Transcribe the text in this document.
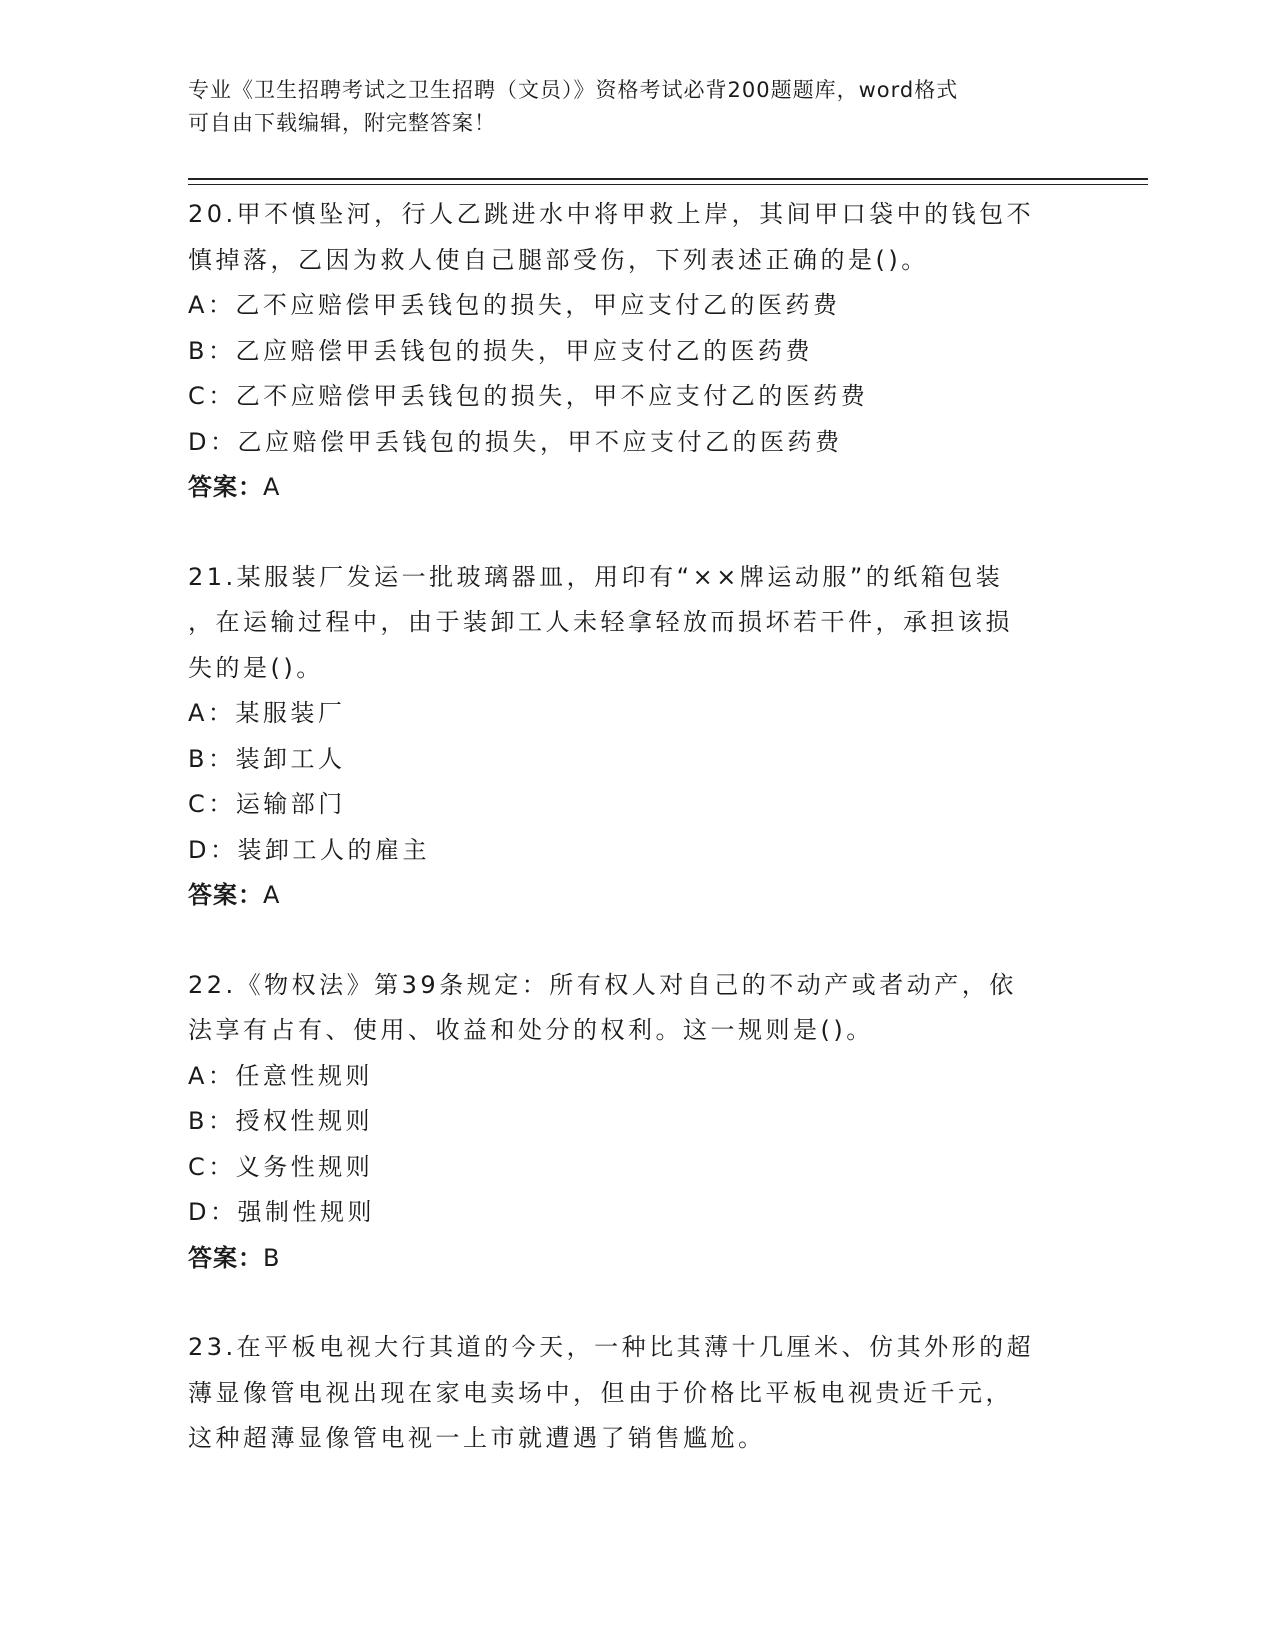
专业《卫生招聘考试之卫生招聘（文员）》资格考试必背200题题库，word格式
可自由下载编辑，附完整答案！
20.甲不慎坠河，行人乙跳进水中将甲救上岸，其间甲口袋中的钱包不
慎掉落，乙因为救人使自己腿部受伤，下列表述正确的是()。
A：乙不应赔偿甲丢钱包的损失，甲应支付乙的医药费
B：乙应赔偿甲丢钱包的损失，甲应支付乙的医药费
C：乙不应赔偿甲丢钱包的损失，甲不应支付乙的医药费
D：乙应赔偿甲丢钱包的损失，甲不应支付乙的医药费
答案：A
21.某服装厂发运一批玻璃器皿，用印有“××牌运动服”的纸箱包装
，在运输过程中，由于装卸工人未轻拿轻放而损坏若干件，承担该损
失的是()。
A：某服装厂
B：装卸工人
C：运输部门
D：装卸工人的雇主
答案：A
22.《物权法》第39条规定：所有权人对自己的不动产或者动产，依
法享有占有、使用、收益和处分的权利。这一规则是()。
A：任意性规则
B：授权性规则
C：义务性规则
D：强制性规则
答案：B
23.在平板电视大行其道的今天，一种比其薄十几厘米、仿其外形的超
薄显像管电视出现在家电卖场中，但由于价格比平板电视贵近千元，
这种超薄显像管电视一上市就遭遇了销售尴尬。
